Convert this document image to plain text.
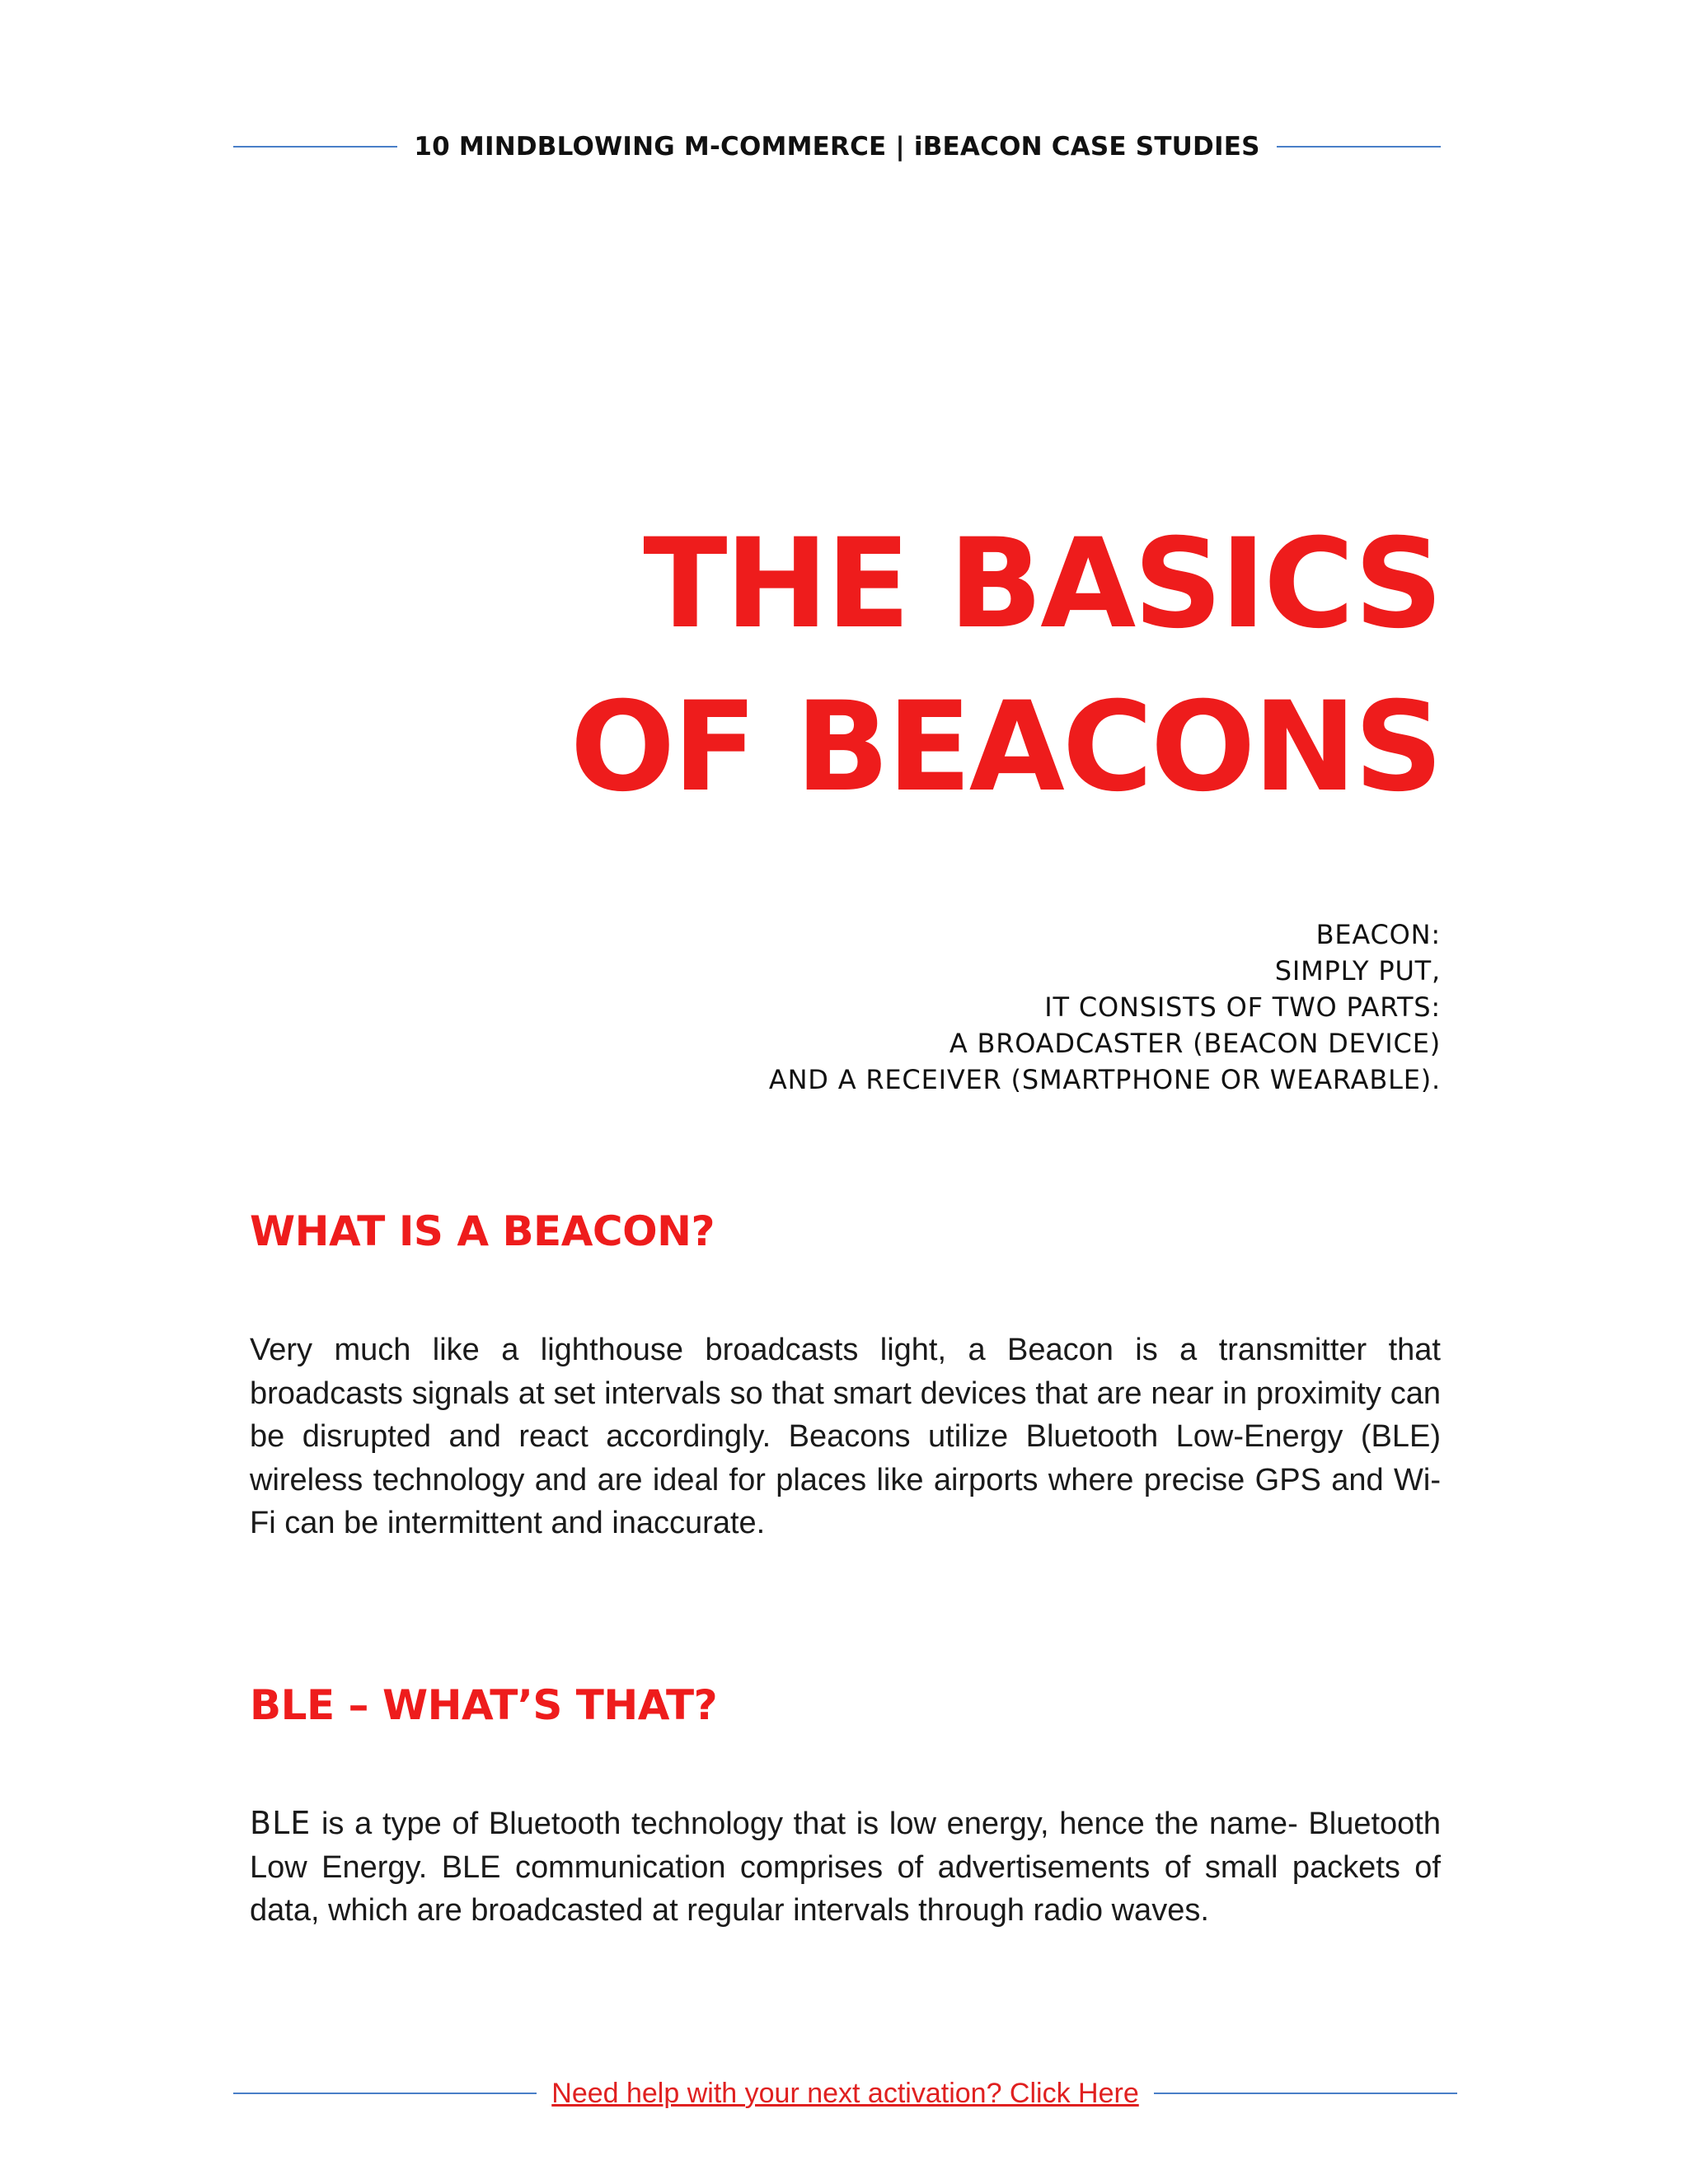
10 MINDBLOWING M-COMMERCE | iBEACON CASE STUDIES
THE BASICS
OF BEACONS
BEACON:
SIMPLY PUT,
IT CONSISTS OF TWO PARTS:
A BROADCASTER (BEACON DEVICE)
AND A RECEIVER (SMARTPHONE OR WEARABLE).
WHAT IS A BEACON?

Very much like a lighthouse broadcasts light, a Beacon is a transmitter that broadcasts signals at set intervals so that smart devices that are near in proximity can be disrupted and react accordingly. Beacons utilize Bluetooth Low-Energy (BLE) wireless technology and are ideal for places like airports where precise GPS and Wi-Fi can be intermittent and inaccurate.

BLE – WHAT’S THAT?

BLE is a type of Bluetooth technology that is low energy, hence the name- Bluetooth Low Energy. BLE communication comprises of advertisements of small packets of data, which are broadcasted at regular intervals through radio waves.

Need help with your next activation? Click Here
